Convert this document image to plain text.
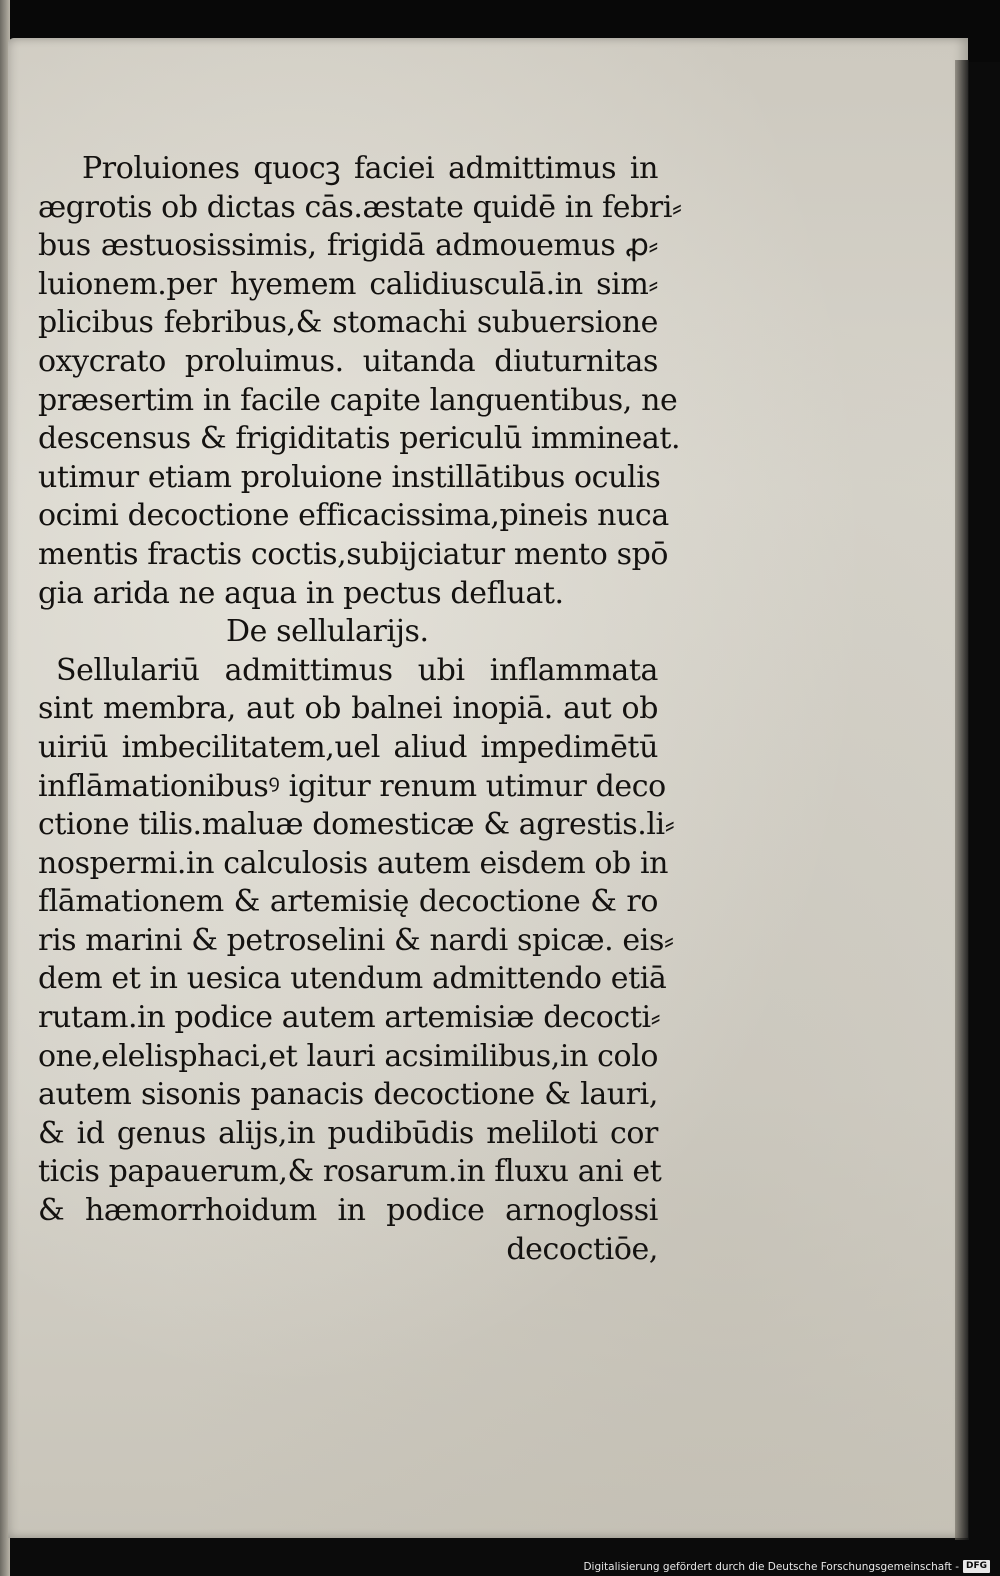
Proluiones quocꝫ faciei admittimus in
ægrotis ob dictas cās.æstate quidē in febri⸗
bus æstuosissimis, frigidā admouemus ꝓ⸗
luionem.per hyemem calidiusculā.in sim⸗
plicibus febribus,& stomachi subuersione
oxycrato proluimus. uitanda diuturnitas
præsertim in facile capite languentibus, ne
descensus & frigiditatis periculū immineat.
utimur etiam proluione instillātibus oculis
ocimi decoctione efficacissima,pineis nuca
mentis fractis coctis,subijciatur mento spō
gia arida ne aqua in pectus defluat.
De sellularijs.
Sellulariū admittimus ubi inflammata
sint membra, aut ob balnei inopiā. aut ob
uiriū imbecilitatem,uel aliud impedimētū
inflāmationibusꝰ igitur renum utimur deco
ctione tilis.maluæ domesticæ & agrestis.li⸗
nospermi.in calculosis autem eisdem ob in
flāmationem & artemisię decoctione & ro
ris marini & petroselini & nardi spicæ. eis⸗
dem et in uesica utendum admittendo etiā
rutam.in podice autem artemisiæ decocti⸗
one,elelisphaci,et lauri acsimilibus,in colo
autem sisonis panacis decoctione & lauri,
& id genus alijs,in pudibūdis meliloti cor
ticis papauerum,& rosarum.in fluxu ani et
& hæmorrhoidum in podice arnoglossi
decoctiōe,
Digitalisierung gefördert durch die Deutsche Forschungsgemeinschaft - DFG
